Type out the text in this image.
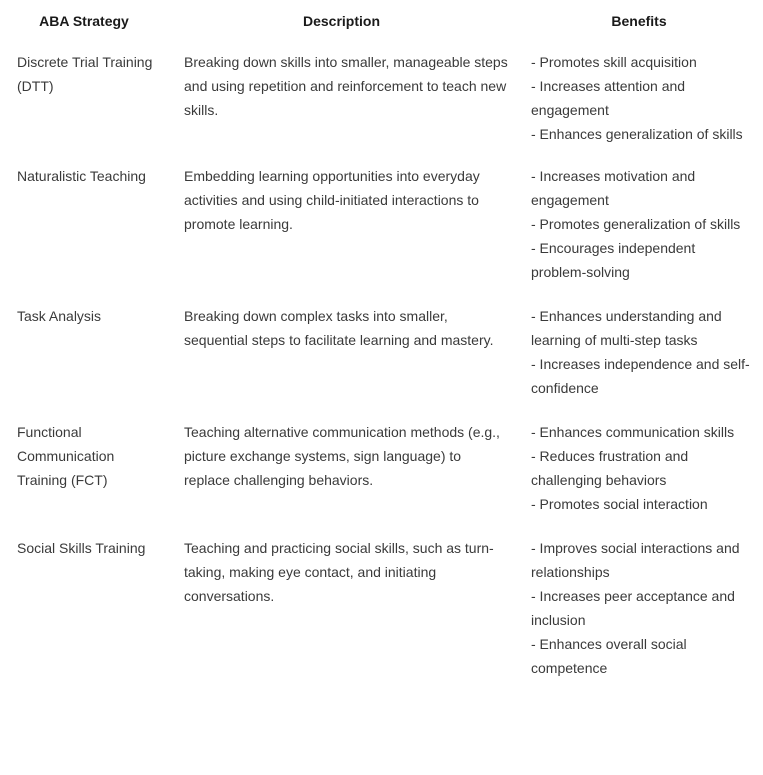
ABA Strategy	Description	Benefits
Discrete Trial Training (DTT)	Breaking down skills into smaller, manageable steps and using repetition and reinforcement to teach new skills.	- Promotes skill acquisition
- Increases attention and engagement
- Enhances generalization of skills

Naturalistic Teaching	Embedding learning opportunities into everyday activities and using child-initiated interactions to promote learning.	- Increases motivation and engagement
- Promotes generalization of skills
- Encourages independent problem-solving

Task Analysis	Breaking down complex tasks into smaller, sequential steps to facilitate learning and mastery.	- Enhances understanding and learning of multi-step tasks
- Increases independence and self-confidence

Functional Communication Training (FCT)	Teaching alternative communication methods (e.g., picture exchange systems, sign language) to replace challenging behaviors.	- Enhances communication skills
- Reduces frustration and challenging behaviors
- Promotes social interaction

Social Skills Training	Teaching and practicing social skills, such as turn-taking, making eye contact, and initiating conversations.	- Improves social interactions and relationships
- Increases peer acceptance and inclusion
- Enhances overall social competence
